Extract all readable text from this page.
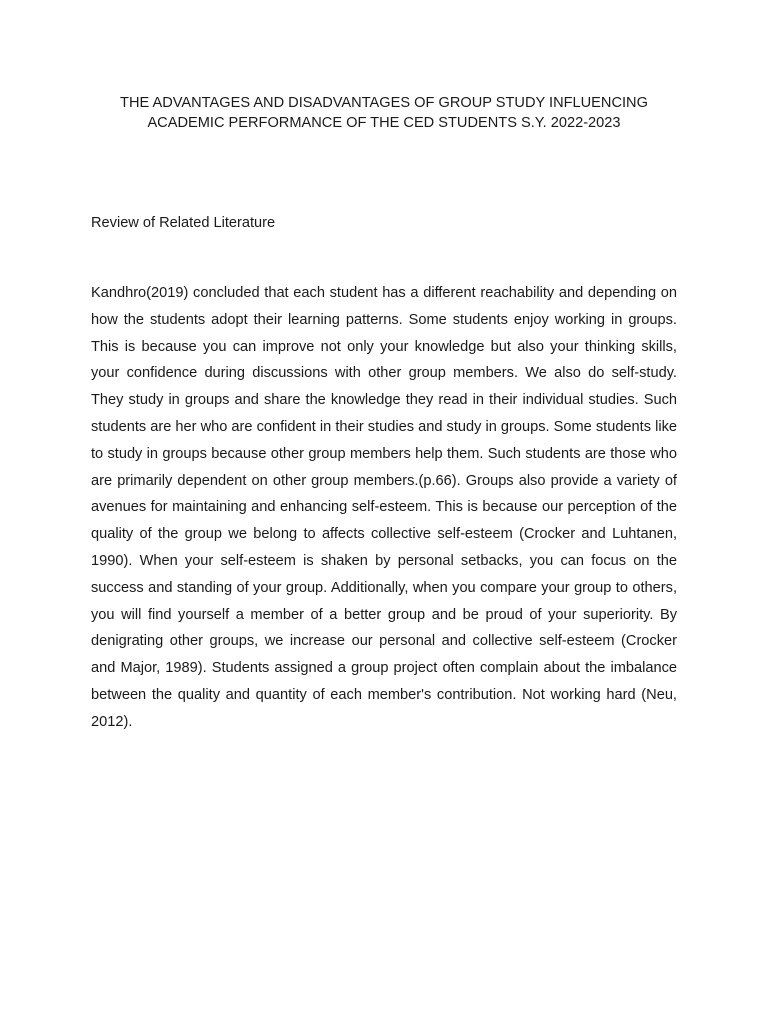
THE ADVANTAGES AND DISADVANTAGES OF GROUP STUDY INFLUENCING
ACADEMIC PERFORMANCE OF THE CED STUDENTS S.Y. 2022-2023
Review of Related Literature

Kandhro(2019) concluded that each student has a different reachability and depending on how the students adopt their learning patterns. Some students enjoy working in groups. This is because you can improve not only your knowledge but also your thinking skills, your confidence during discussions with other group members. We also do self-study. They study in groups and share the knowledge they read in their individual studies. Such students are her who are confident in their studies and study in groups. Some students like to study in groups because other group members help them. Such students are those who are primarily dependent on other group members.(p.66). Groups also provide a variety of avenues for maintaining and enhancing self-esteem. This is because our perception of the quality of the group we belong to affects collective self-esteem (Crocker and Luhtanen, 1990). When your self-esteem is shaken by personal setbacks, you can focus on the success and standing of your group. Additionally, when you compare your group to others, you will find yourself a member of a better group and be proud of your superiority. By denigrating other groups, we increase our personal and collective self-esteem (Crocker and Major, 1989). Students assigned a group project often complain about the imbalance between the quality and quantity of each member's contribution. Not working hard (Neu, 2012).
